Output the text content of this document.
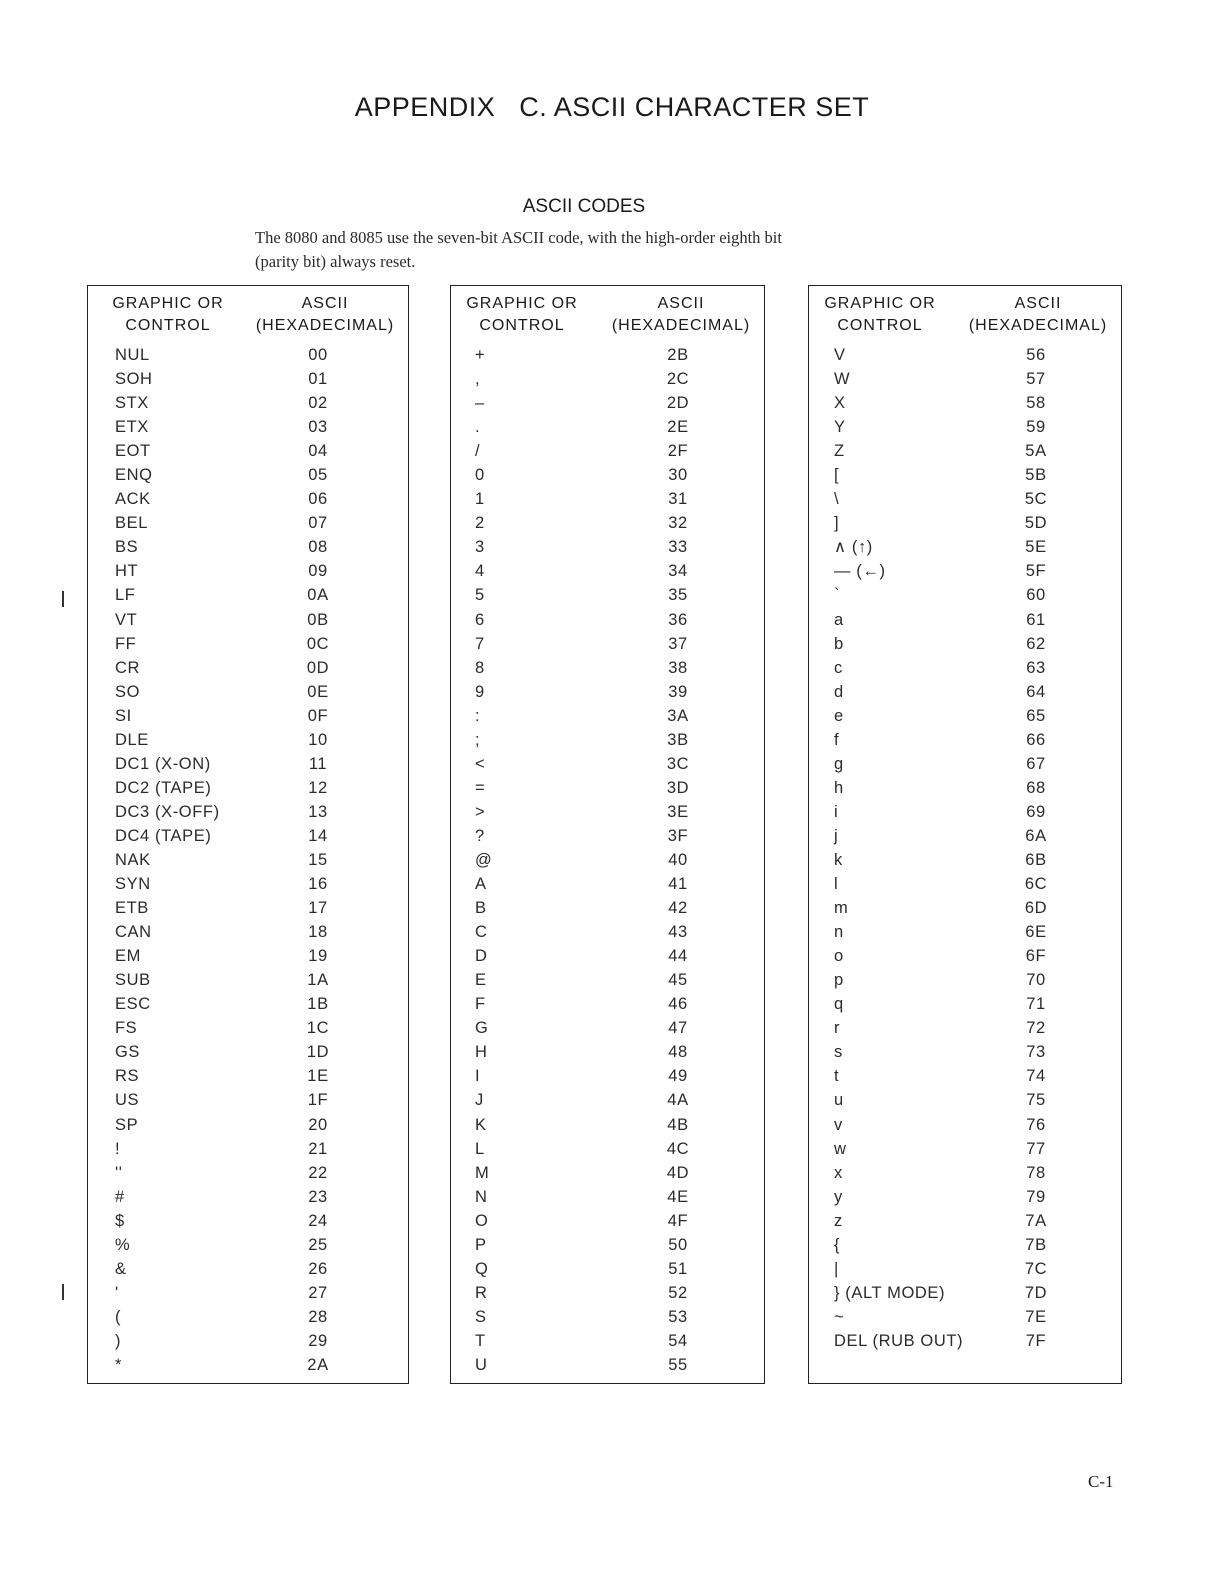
APPENDIX   C. ASCII CHARACTER SET
ASCII CODES

The 8080 and 8085 use the seven-bit ASCII code, with the high-order eighth bit
(parity bit) always reset.

GRAPHIC OR
CONTROL
ASCII
(HEXADECIMAL)
NUL	00
SOH	01
STX	02
ETX	03
EOT	04
ENQ	05
ACK	06
BEL	07
BS	08
HT	09
LF	0A
VT	0B
FF	0C
CR	0D
SO	0E
SI	0F
DLE	10
DC1 (X-ON)	11
DC2 (TAPE)	12
DC3 (X-OFF)	13
DC4 (TAPE)	14
NAK	15
SYN	16
ETB	17
CAN	18
EM	19
SUB	1A
ESC	1B
FS	1C
GS	1D
RS	1E
US	1F
SP	20
!	21
''	22
#	23
$	24
%	25
&	26
'	27
(	28
)	29
*	2A
GRAPHIC OR
CONTROL
ASCII
(HEXADECIMAL)
+	2B
,	2C
–	2D
.	2E
/	2F
0	30
1	31
2	32
3	33
4	34
5	35
6	36
7	37
8	38
9	39
:	3A
;	3B
<	3C
=	3D
>	3E
?	3F
@	40
A	41
B	42
C	43
D	44
E	45
F	46
G	47
H	48
I	49
J	4A
K	4B
L	4C
M	4D
N	4E
O	4F
P	50
Q	51
R	52
S	53
T	54
U	55
GRAPHIC OR
CONTROL
ASCII
(HEXADECIMAL)
V	56
W	57
X	58
Y	59
Z	5A
[	5B
\	5C
]	5D
∧ (↑)	5E
— (←)	5F
`	60
a	61
b	62
c	63
d	64
e	65
f	66
g	67
h	68
i	69
j	6A
k	6B
l	6C
m	6D
n	6E
o	6F
p	70
q	71
r	72
s	73
t	74
u	75
v	76
w	77
x	78
y	79
z	7A
{	7B
|	7C
} (ALT MODE)	7D
~	7E
DEL (RUB OUT)	7F

C-1
